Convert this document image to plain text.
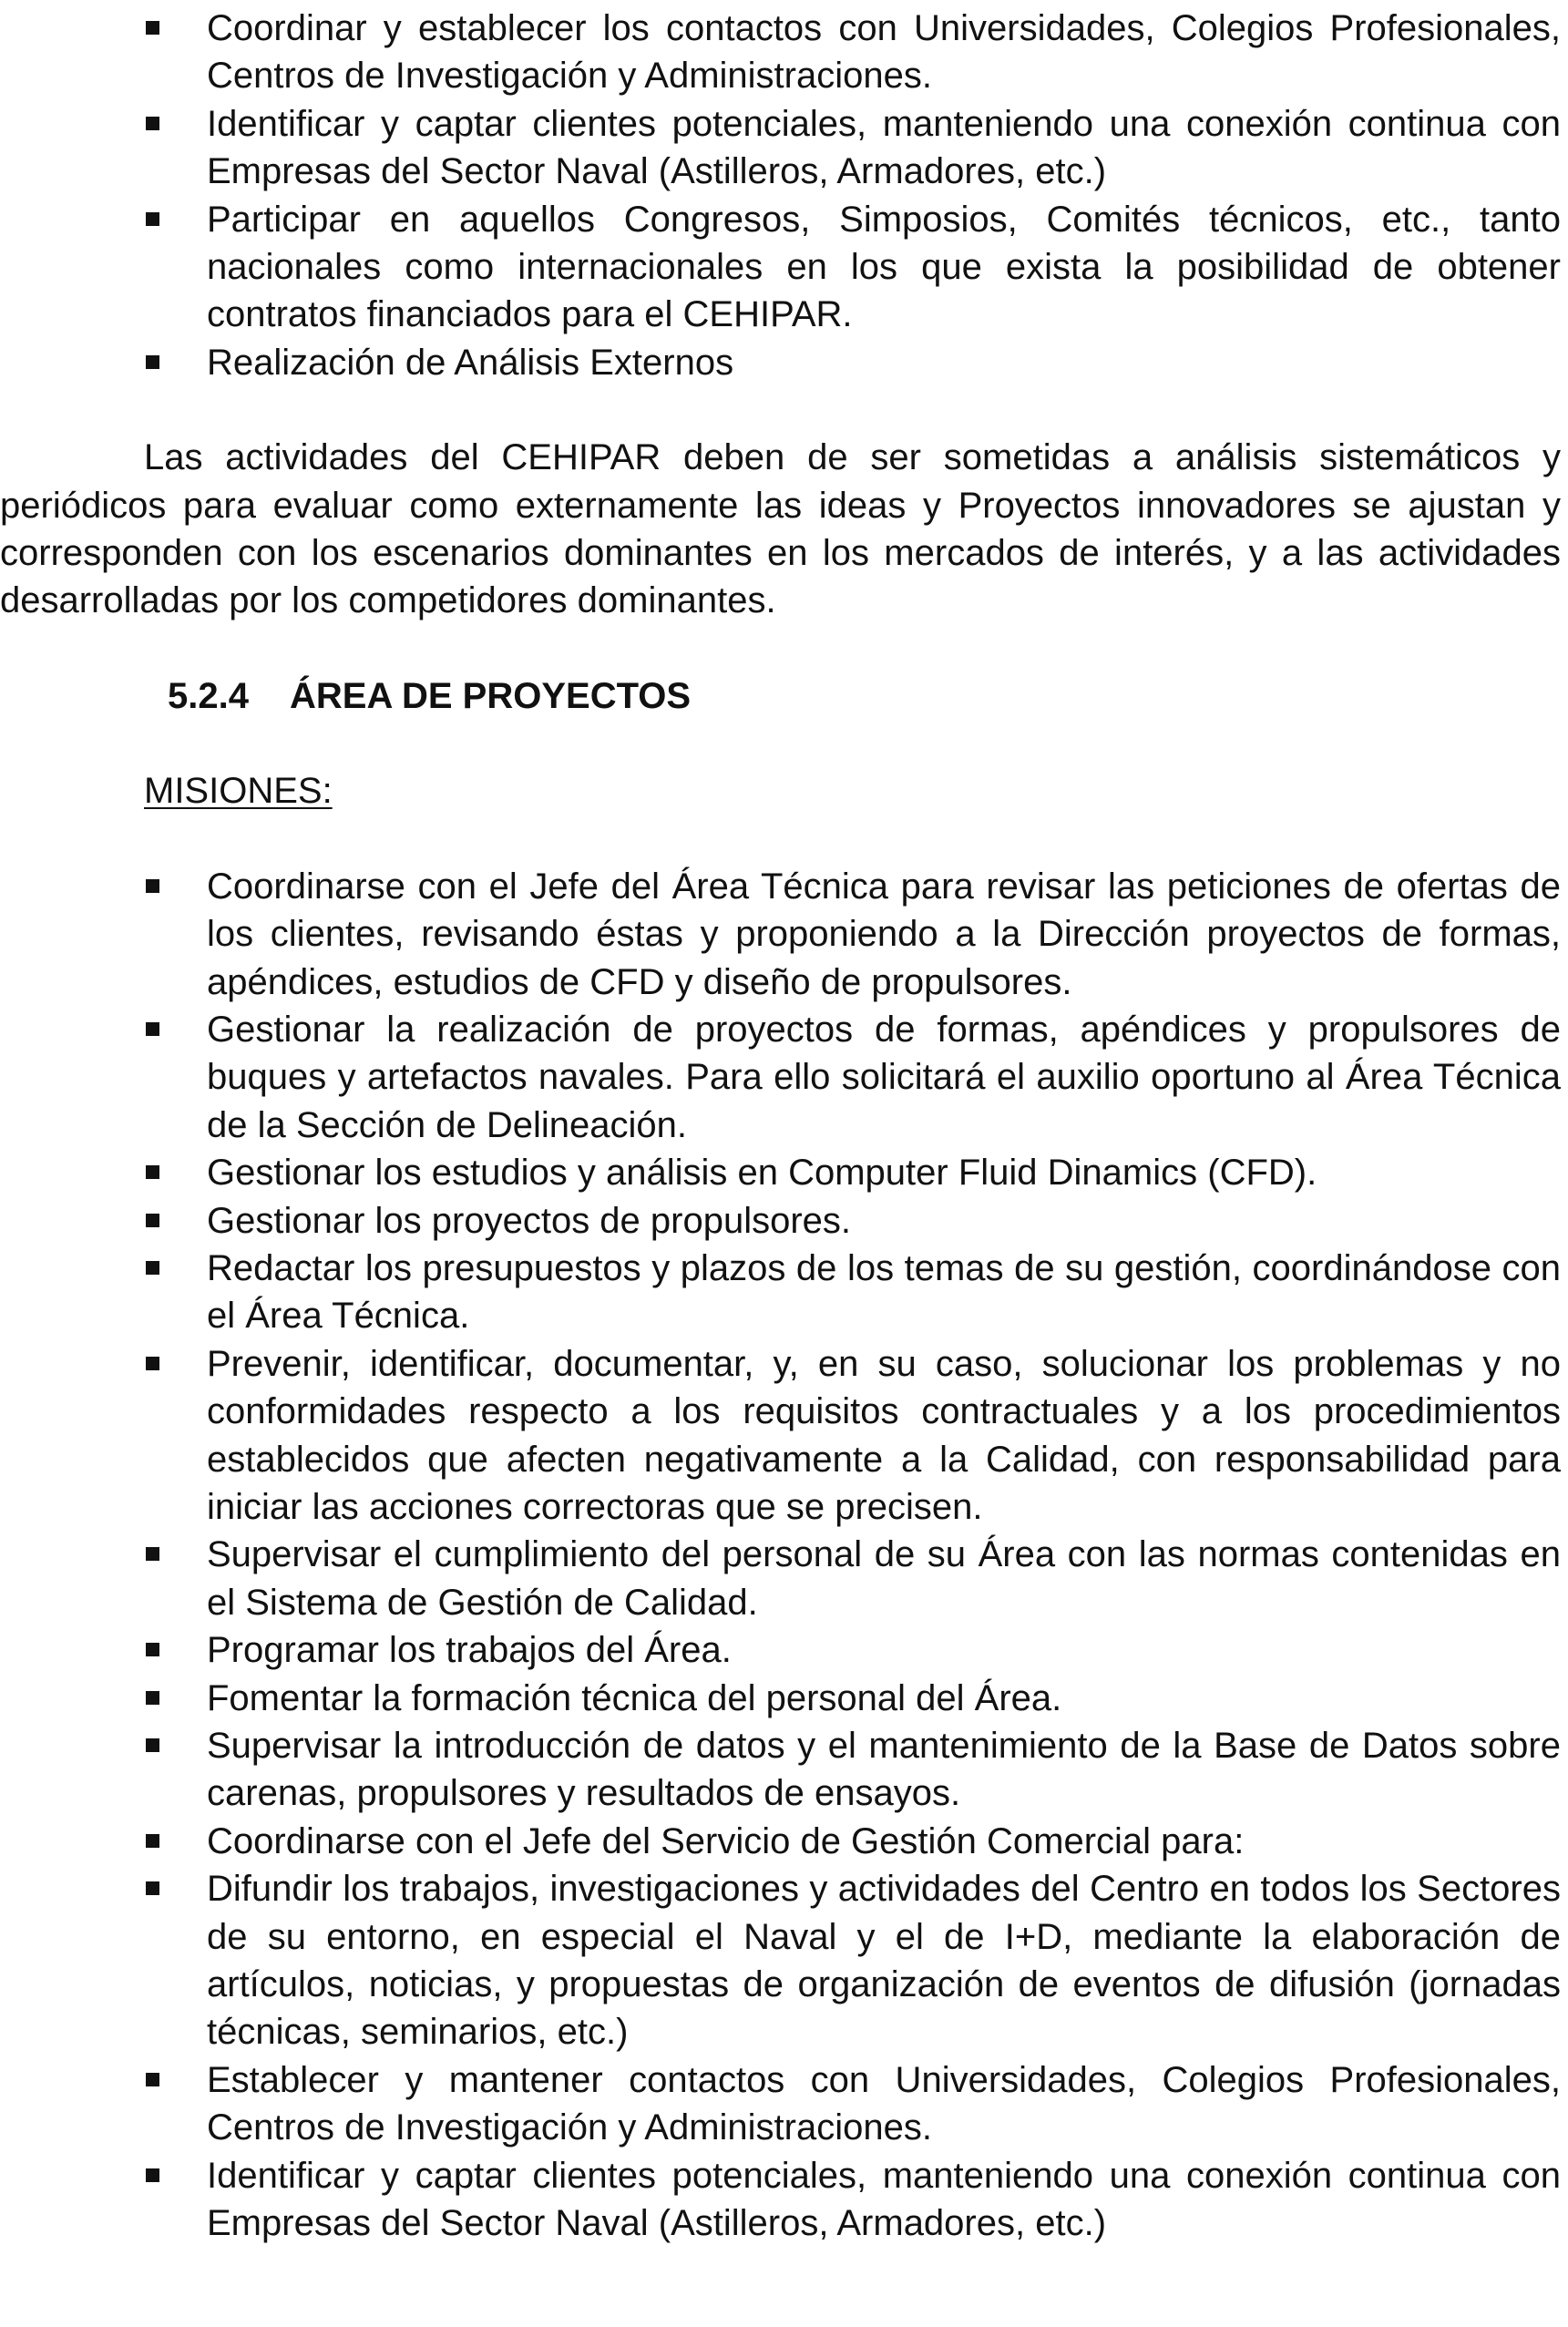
Coordinar y establecer los contactos con Universidades, Colegios Profesionales, Centros de Investigación y Administraciones.
Identificar y captar clientes potenciales, manteniendo una conexión continua con Empresas del Sector Naval (Astilleros, Armadores, etc.)
Participar en aquellos Congresos, Simposios, Comités técnicos, etc., tanto nacionales como internacionales en los que exista la posibilidad de obtener contratos financiados para el CEHIPAR.
Realización de Análisis Externos

Las actividades del CEHIPAR deben de ser sometidas a análisis sistemáticos y periódicos para evaluar como externamente las ideas y Proyectos innovadores se ajustan y corresponden con los escenarios dominantes en los mercados de interés, y a las actividades desarrolladas por los competidores dominantes.

5.2.4 ÁREA DE PROYECTOS
MISIONES:
Coordinarse con el Jefe del Área Técnica para revisar las peticiones de ofertas de los clientes, revisando éstas y proponiendo a la Dirección proyectos de formas, apéndices, estudios de CFD y diseño de propulsores.
Gestionar la realización de proyectos de formas, apéndices y propulsores de buques y artefactos navales. Para ello solicitará el auxilio oportuno al Área Técnica de la Sección de Delineación.
Gestionar los estudios y análisis en Computer Fluid Dinamics (CFD).
Gestionar los proyectos de propulsores.
Redactar los presupuestos y plazos de los temas de su gestión, coordinándose con el Área Técnica.
Prevenir, identificar, documentar, y, en su caso, solucionar los problemas y no conformidades respecto a los requisitos contractuales y a los procedimientos establecidos que afecten negativamente a la Calidad, con responsabilidad para iniciar las acciones correctoras que se precisen.
Supervisar el cumplimiento del personal de su Área con las normas contenidas en el Sistema de Gestión de Calidad.
Programar los trabajos del Área.
Fomentar la formación técnica del personal del Área.
Supervisar la introducción de datos y el mantenimiento de la Base de Datos sobre carenas, propulsores y resultados de ensayos.
Coordinarse con el Jefe del Servicio de Gestión Comercial para:
Difundir los trabajos, investigaciones y actividades del Centro en todos los Sectores de su entorno, en especial el Naval y el de I+D, mediante la elaboración de artículos, noticias, y propuestas de organización de eventos de difusión (jornadas técnicas, seminarios, etc.)
Establecer y mantener contactos con Universidades, Colegios Profesionales, Centros de Investigación y Administraciones.
Identificar y captar clientes potenciales, manteniendo una conexión continua con Empresas del Sector Naval (Astilleros, Armadores, etc.)
